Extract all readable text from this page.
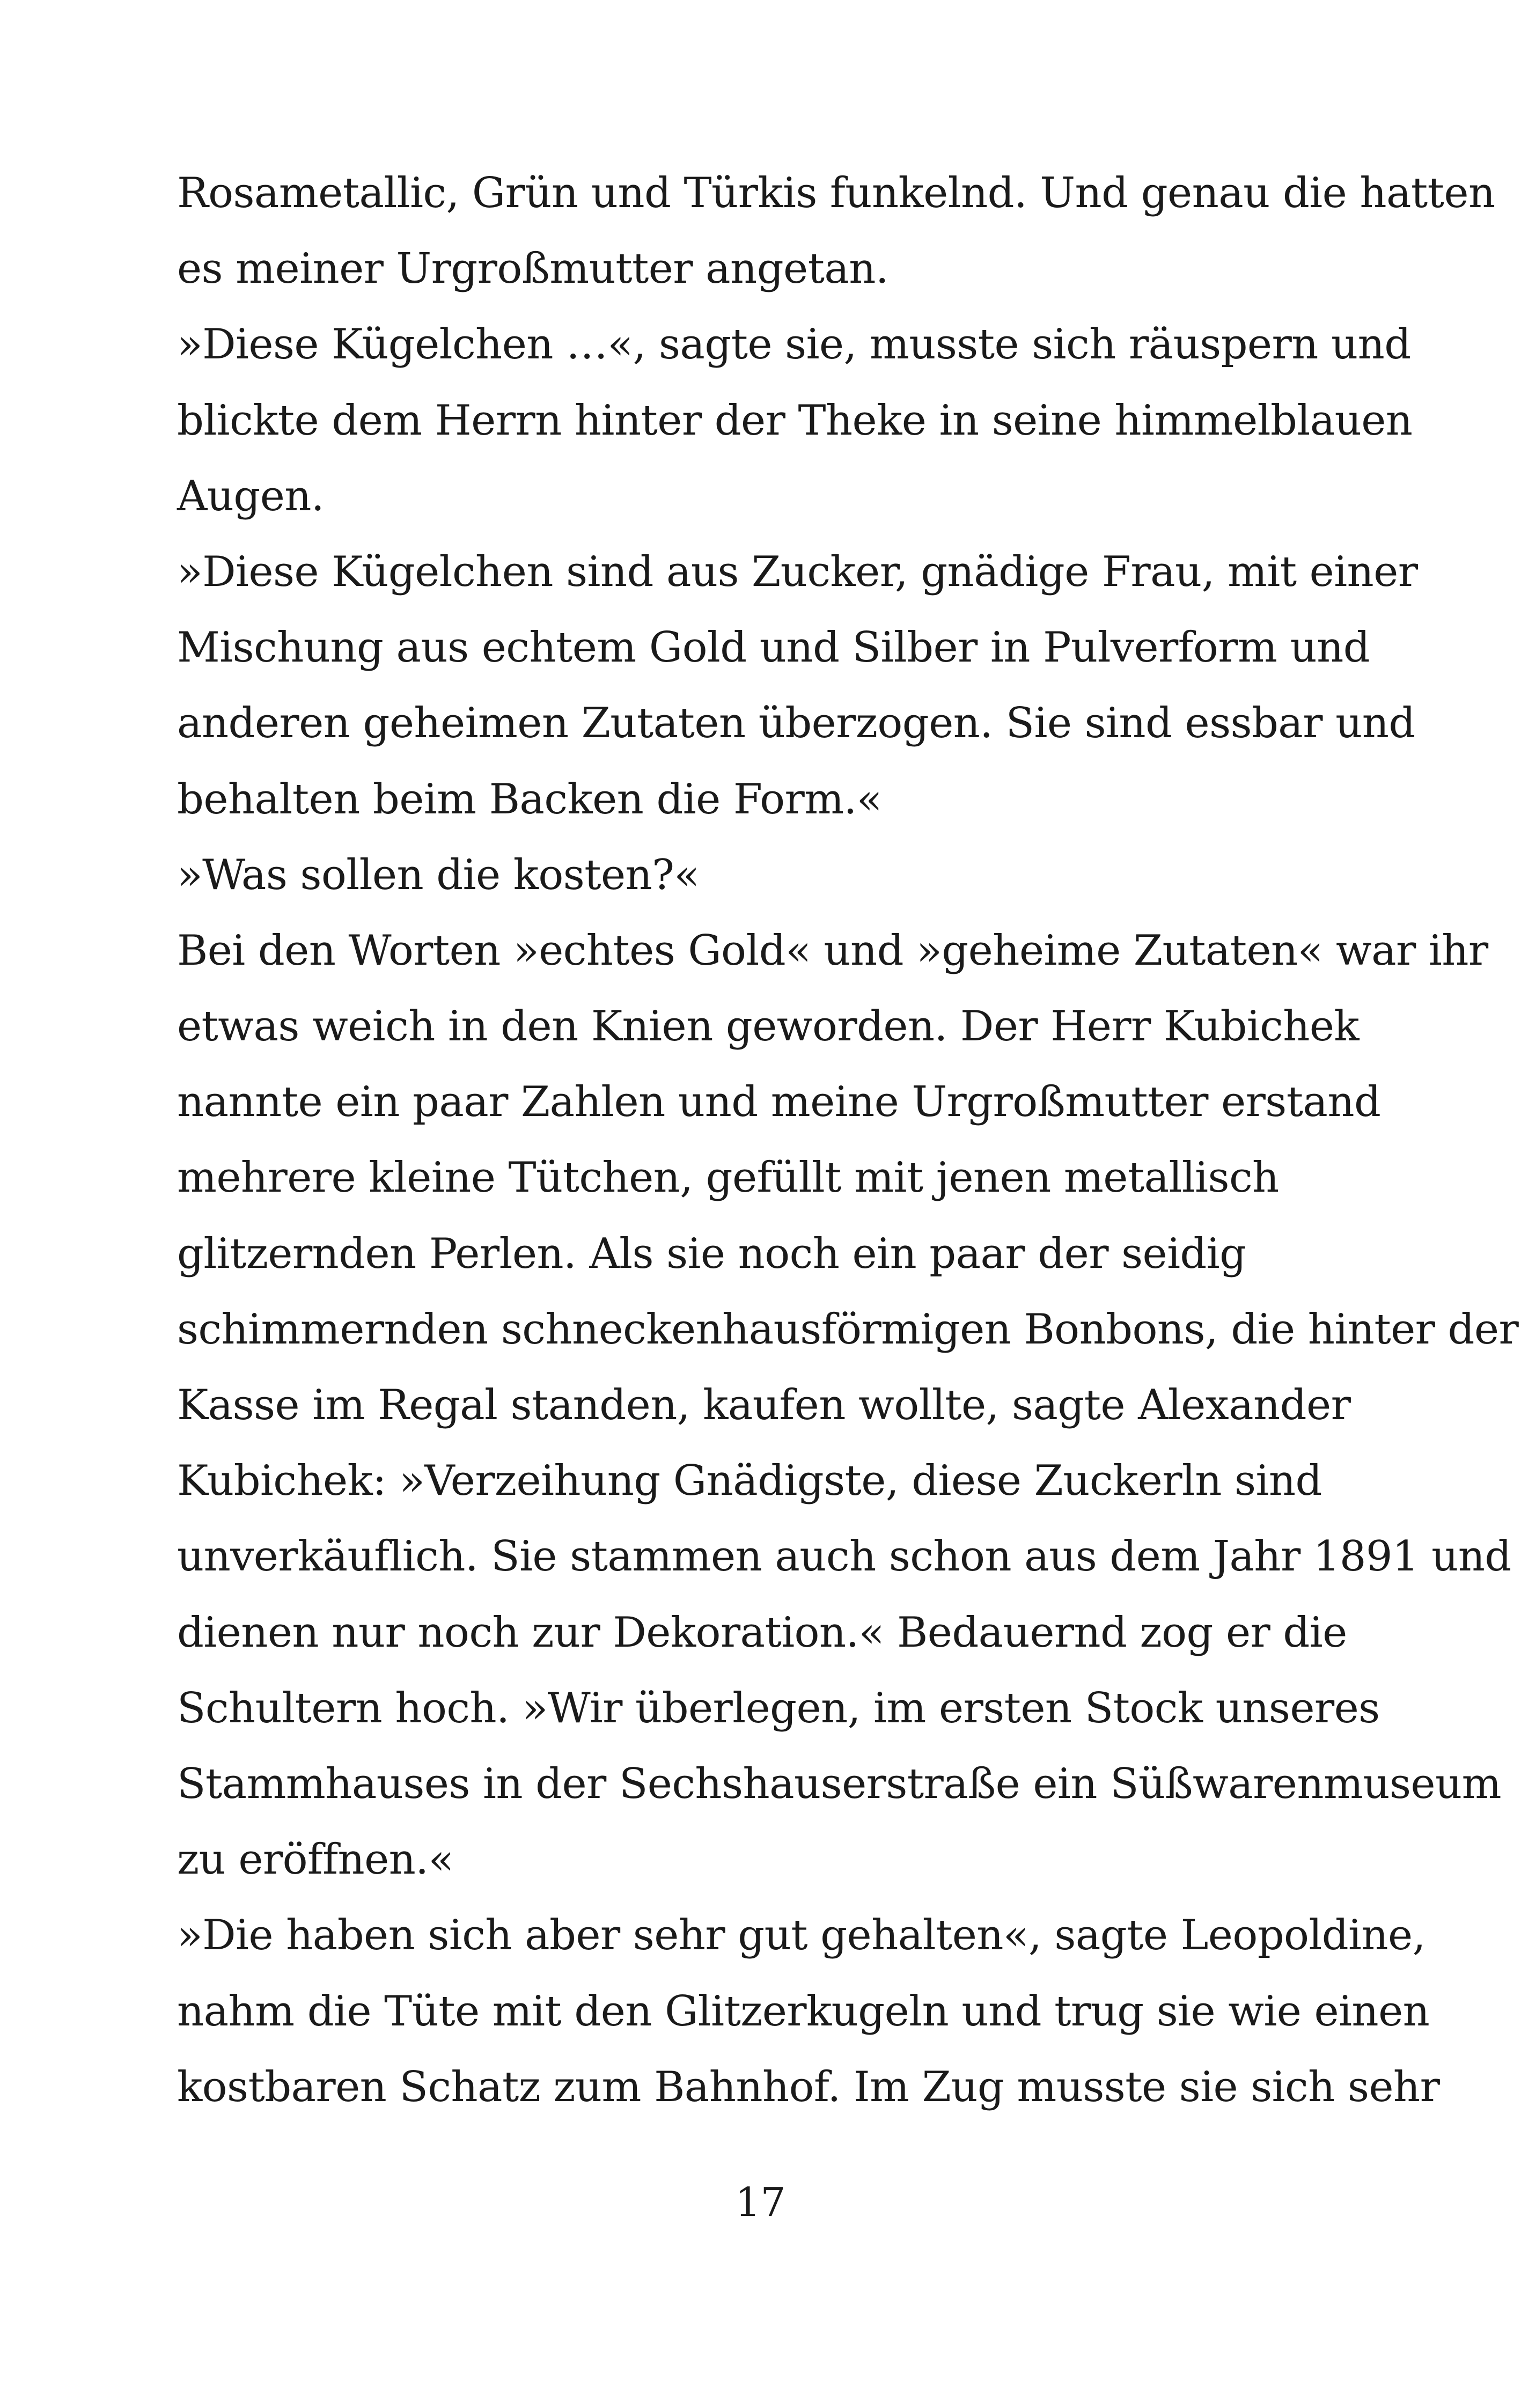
Rosametallic, Grün und Türkis funkelnd. Und genau die hatten
es meiner Urgroßmutter angetan.
»Diese Kügelchen …«, sagte sie, musste sich räuspern und
blickte dem Herrn hinter der Theke in seine himmelblauen
Augen.
»Diese Kügelchen sind aus Zucker, gnädige Frau, mit einer
Mischung aus echtem Gold und Silber in Pulverform und
anderen geheimen Zutaten überzogen. Sie sind essbar und
behalten beim Backen die Form.«
»Was sollen die kosten?«
Bei den Worten »echtes Gold« und »geheime Zutaten« war ihr
etwas weich in den Knien geworden. Der Herr Kubichek
nannte ein paar Zahlen und meine Urgroßmutter erstand
mehrere kleine Tütchen, gefüllt mit jenen metallisch
glitzernden Perlen. Als sie noch ein paar der seidig
schimmernden schneckenhausförmigen Bonbons, die hinter der
Kasse im Regal standen, kaufen wollte, sagte Alexander
Kubichek: »Verzeihung Gnädigste, diese Zuckerln sind
unverkäuflich. Sie stammen auch schon aus dem Jahr 1891 und
dienen nur noch zur Dekoration.« Bedauernd zog er die
Schultern hoch. »Wir überlegen, im ersten Stock unseres
Stammhauses in der Sechshauserstraße ein Süßwarenmuseum
zu eröffnen.«
»Die haben sich aber sehr gut gehalten«, sagte Leopoldine,
nahm die Tüte mit den Glitzerkugeln und trug sie wie einen
kostbaren Schatz zum Bahnhof. Im Zug musste sie sich sehr
17
